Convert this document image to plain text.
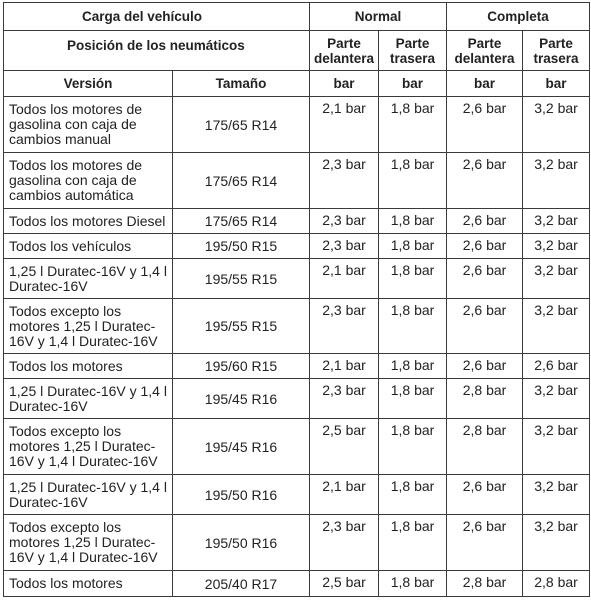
Carga del vehículo		Normal		Completa	
Posición de los neumáticos		Parte delantera	Parte trasera	Parte delantera	Parte trasera
Versión	Tamaño	bar	bar	bar	bar
Todos los motores de gasolina con caja de cambios manual	175/65 R14	2,1 bar	1,8 bar	2,6 bar	3,2 bar
Todos los motores de gasolina con caja de cambios automática	175/65 R14	2,3 bar	1,8 bar	2,6 bar	3,2 bar
Todos los motores Diesel	175/65 R14	2,3 bar	1,8 bar	2,6 bar	3,2 bar
Todos los vehículos	195/50 R15	2,3 bar	1,8 bar	2,6 bar	3,2 bar
1,25 l Duratec-16V y 1,4 l Duratec-16V	195/55 R15	2,1 bar	1,8 bar	2,6 bar	3,2 bar
Todos excepto los motores 1,25 l Duratec-16V y 1,4 l Duratec-16V	195/55 R15	2,3 bar	1,8 bar	2,6 bar	3,2 bar
Todos los motores	195/60 R15	2,1 bar	1,8 bar	2,6 bar	2,6 bar
1,25 l Duratec-16V y 1,4 l Duratec-16V	195/45 R16	2,3 bar	1,8 bar	2,8 bar	3,2 bar
Todos excepto los motores 1,25 l Duratec-16V y 1,4 l Duratec-16V	195/45 R16	2,5 bar	1,8 bar	2,8 bar	3,2 bar
1,25 l Duratec-16V y 1,4 l Duratec-16V	195/50 R16	2,1 bar	1,8 bar	2,6 bar	3,2 bar
Todos excepto los motores 1,25 l Duratec-16V y 1,4 l Duratec-16V	195/50 R16	2,3 bar	1,8 bar	2,6 bar	3,2 bar
Todos los motores	205/40 R17	2,5 bar	1,8 bar	2,8 bar	2,8 bar
